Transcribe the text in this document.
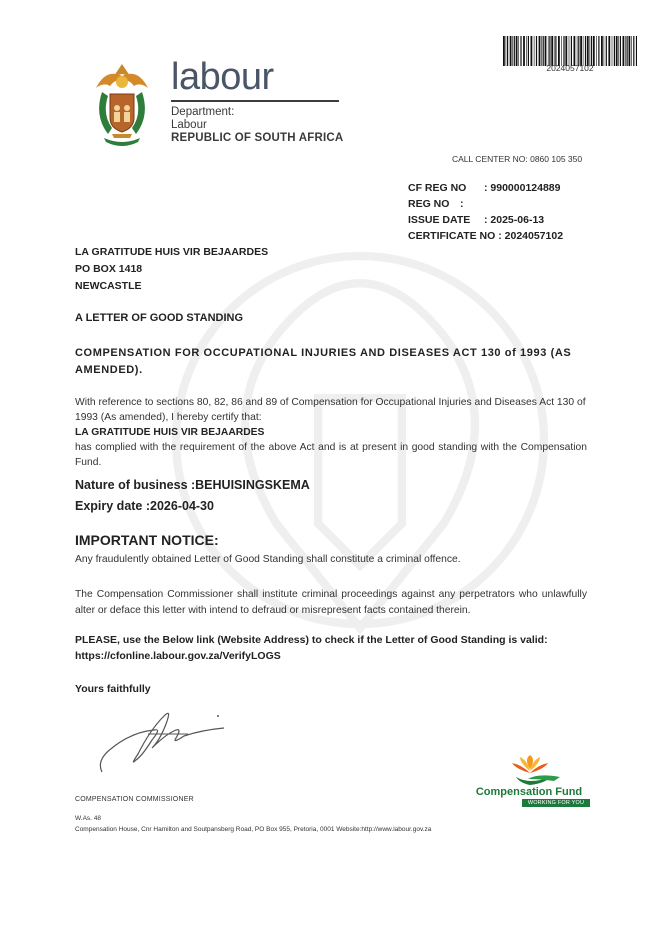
2024057102
labour
Department:
Labour
REPUBLIC OF SOUTH AFRICA
CALL CENTER NO: 0860 105 350
CF REG NO : 990000124889
REG NO :
ISSUE DATE : 2025-06-13
CERTIFICATE NO : 2024057102
LA GRATITUDE HUIS VIR BEJAARDES
PO BOX 1418
NEWCASTLE
A LETTER OF GOOD STANDING
COMPENSATION FOR OCCUPATIONAL INJURIES AND DISEASES ACT 130 of 1993 (AS AMENDED).
With reference to sections 80, 82, 86 and 89 of Compensation for Occupational Injuries and Diseases Act 130 of 1993 (As amended), I hereby certify that:
LA GRATITUDE HUIS VIR BEJAARDES
has complied with the requirement of the above Act and is at present in good standing with the Compensation Fund.
Nature of business :BEHUISINGSKEMA
Expiry date :2026-04-30
IMPORTANT NOTICE:
Any fraudulently obtained Letter of Good Standing shall constitute a criminal offence.
The Compensation Commissioner shall institute criminal proceedings against any perpetrators who unlawfully alter or deface this letter with intend to defraud or misrepresent facts contained therein.
PLEASE, use the Below link (Website Address) to check if the Letter of Good Standing is valid:
https://cfonline.labour.gov.za/VerifyLOGS
Yours faithfully
COMPENSATION COMMISSIONER
Compensation Fund
WORKING FOR YOU
W.As. 48
Compensation House, Cnr Hamilton and Soutpansberg Road, PO Box 955, Pretoria, 0001 Website:http://www.labour.gov.za
